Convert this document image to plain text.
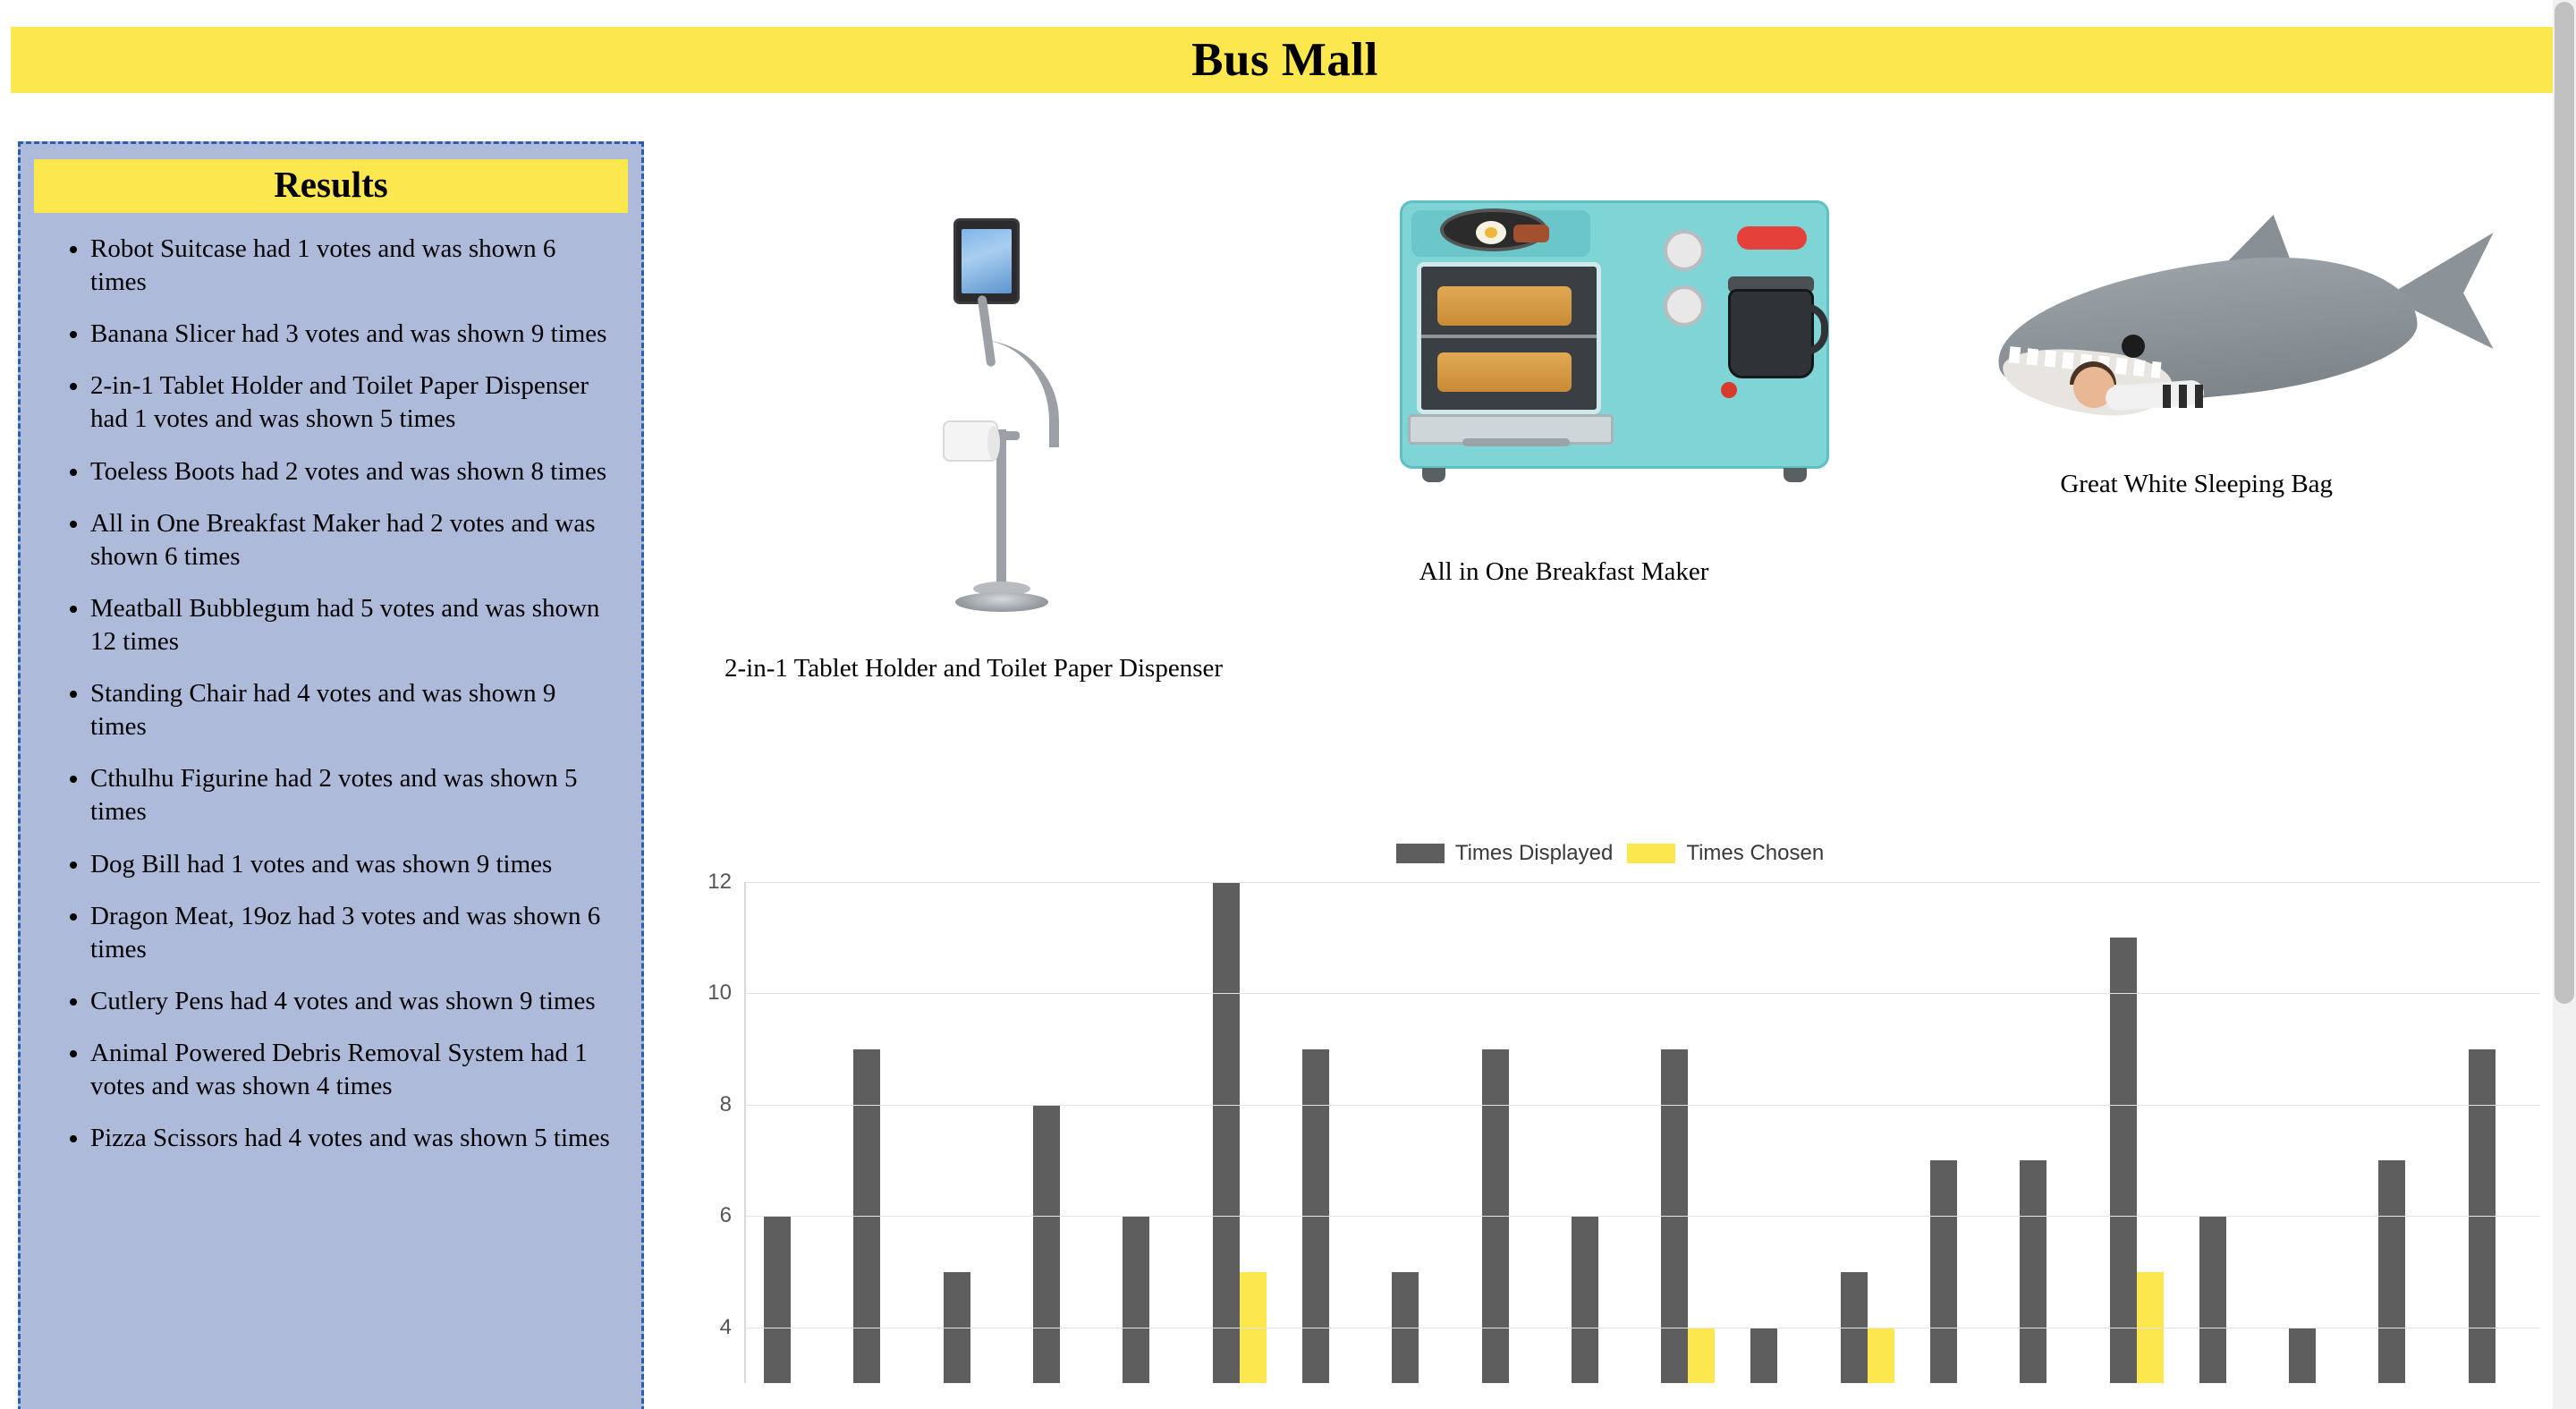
Bus Mall
Results
• Robot Suitcase had 1 votes and was shown 6 times
• Banana Slicer had 3 votes and was shown 9 times
• 2-in-1 Tablet Holder and Toilet Paper Dispenser had 1 votes and was shown 5 times
• Toeless Boots had 2 votes and was shown 8 times
• All in One Breakfast Maker had 2 votes and was shown 6 times
• Meatball Bubblegum had 5 votes and was shown 12 times
• Standing Chair had 4 votes and was shown 9 times
• Cthulhu Figurine had 2 votes and was shown 5 times
• Dog Bill had 1 votes and was shown 9 times
• Dragon Meat, 19oz had 3 votes and was shown 6 times
• Cutlery Pens had 4 votes and was shown 9 times
• Animal Powered Debris Removal System had 1 votes and was shown 4 times
• Pizza Scissors had 4 votes and was shown 5 times
2-in-1 Tablet Holder and Toilet Paper Dispenser
All in One Breakfast Maker
Great White Sleeping Bag
Times Displayed	Times Chosen
4
6
8
10
12
